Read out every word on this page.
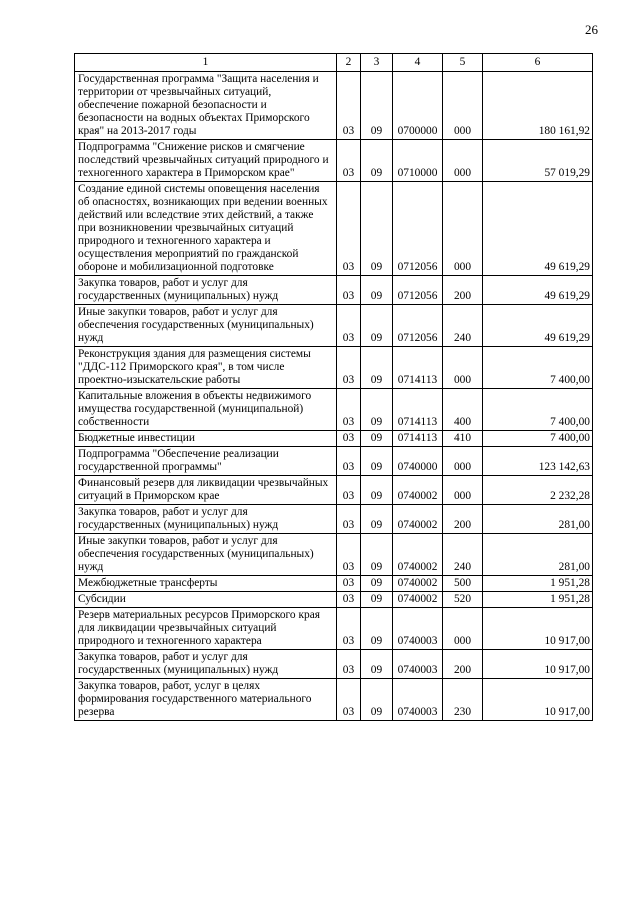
26
1	2	3	4	5	6
Государственная программа "Защита населения и территории от чрезвычайных ситуаций, обеспечение пожарной безопасности и безопасности на водных объектах Приморского края" на 2013-2017 годы	03	09	0700000	000	180 161,92
Подпрограмма "Снижение рисков и смягчение последствий чрезвычайных ситуаций природного и техногенного характера в Приморском крае"	03	09	0710000	000	57 019,29
Создание единой системы оповещения населения об опасностях, возникающих при ведении военных действий или вследствие этих действий, а также при возникновении чрезвычайных ситуаций природного и техногенного характера и осуществления мероприятий по гражданской обороне и мобилизационной подготовке	03	09	0712056	000	49 619,29
Закупка товаров, работ и услуг для государственных (муниципальных) нужд	03	09	0712056	200	49 619,29
Иные закупки товаров, работ и услуг для обеспечения государственных (муниципальных) нужд	03	09	0712056	240	49 619,29
Реконструкция здания для размещения системы "ДДС-112 Приморского края", в том числе проектно-изыскательские работы	03	09	0714113	000	7 400,00
Капитальные вложения в объекты недвижимого имущества государственной (муниципальной) собственности	03	09	0714113	400	7 400,00
Бюджетные инвестиции	03	09	0714113	410	7 400,00
Подпрограмма "Обеспечение реализации государственной программы"	03	09	0740000	000	123 142,63
Финансовый резерв для ликвидации чрезвычайных ситуаций в Приморском крае	03	09	0740002	000	2 232,28
Закупка товаров, работ и услуг для государственных (муниципальных) нужд	03	09	0740002	200	281,00
Иные закупки товаров, работ и услуг для обеспечения государственных (муниципальных) нужд	03	09	0740002	240	281,00
Межбюджетные трансферты	03	09	0740002	500	1 951,28
Субсидии	03	09	0740002	520	1 951,28
Резерв материальных ресурсов Приморского края для ликвидации чрезвычайных ситуаций природного и техногенного характера	03	09	0740003	000	10 917,00
Закупка товаров, работ и услуг для государственных (муниципальных) нужд	03	09	0740003	200	10 917,00
Закупка товаров, работ, услуг в целях формирования государственного материального резерва	03	09	0740003	230	10 917,00
